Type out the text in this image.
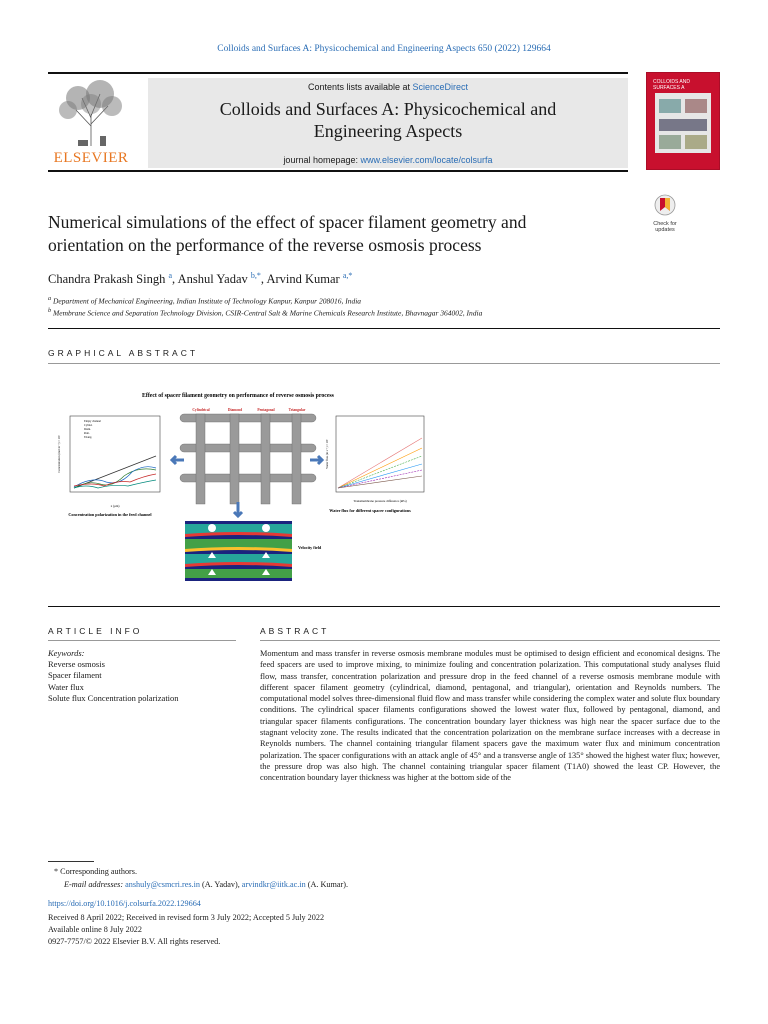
Colloids and Surfaces A: Physicochemical and Engineering Aspects 650 (2022) 129664
ELSEVIER
Contents lists available at ScienceDirect
Colloids and Surfaces A: Physicochemical and
Engineering Aspects
journal homepage: www.elsevier.com/locate/colsurfa
COLLOIDS AND SURFACES A
Check for updates
Numerical simulations of the effect of spacer filament geometry and
orientation on the performance of the reverse osmosis process
Chandra Prakash Singh $^a$, Anshul Yadav $^{b,*}$, Arvind Kumar $^{a,*}$
$^a$ Department of Mechanical Engineering, Indian Institute of Technology Kanpur, Kanpur 208016, India
$^b$ Membrane Science and Separation Technology Division, CSIR-Central Salt & Marine Chemicals Research Institute, Bhavnagar 364002, India
GRAPHICAL ABSTRACT
Effect of spacer filament geometry on performance of reverse osmosis process
x (µm)
Concentration (mol m⁻³) × 10³
Empty channel
Cylind.
Diam.
Pent.
Triang.
Concentration polarization in the feed channel
Cylindrical	Diamond	Pentagonal	Triangular
Transmembrane pressure difference (kPa)
Water flux (m s⁻¹) × 10⁶
Water flux for different spacer configurations
Velocity field
ARTICLE INFO	ABSTRACT
Keywords:
Reverse osmosis
Spacer filament
Water flux
Solute flux Concentration polarization
Momentum and mass transfer in reverse osmosis membrane modules must be optimised to design efficient and economical designs. The feed spacers are used to improve mixing, to minimize fouling and concentration polarization. This computational study analyses fluid flow, mass transfer, concentration polarization and pressure drop in the feed channel of a reverse osmosis membrane module with different spacer filament geometry (cylindrical, diamond, pentagonal, and triangular), orientation and Reynolds numbers. The computational model solves three-dimensional fluid flow and mass transfer while considering the complex water and solute flux boundary conditions. The cylindrical spacer filaments configurations showed the lowest water flux, followed by pentagonal, diamond, and triangular spacer filaments configurations. The concentration boundary layer thickness was high near the spacer surface due to the stagnant velocity zone. The results indicated that the concentration polarization on the membrane surface increases with a decrease in Reynolds numbers. The channel containing triangular filament spacers gave the maximum water flux and minimum concentration polarization. The spacer configurations with an attack angle of 45° and a transverse angle of 135° showed the highest water flux; however, the pressure drop was also high. The channel containing triangular spacer filament (T1A0) showed the least CP. However, the concentration boundary layer thickness was higher at the bottom side of the
* Corresponding authors.
E-mail addresses: anshuly@csmcri.res.in (A. Yadav), arvindkr@iitk.ac.in (A. Kumar).
https://doi.org/10.1016/j.colsurfa.2022.129664
Received 8 April 2022; Received in revised form 3 July 2022; Accepted 5 July 2022
Available online 8 July 2022
0927-7757/© 2022 Elsevier B.V. All rights reserved.
